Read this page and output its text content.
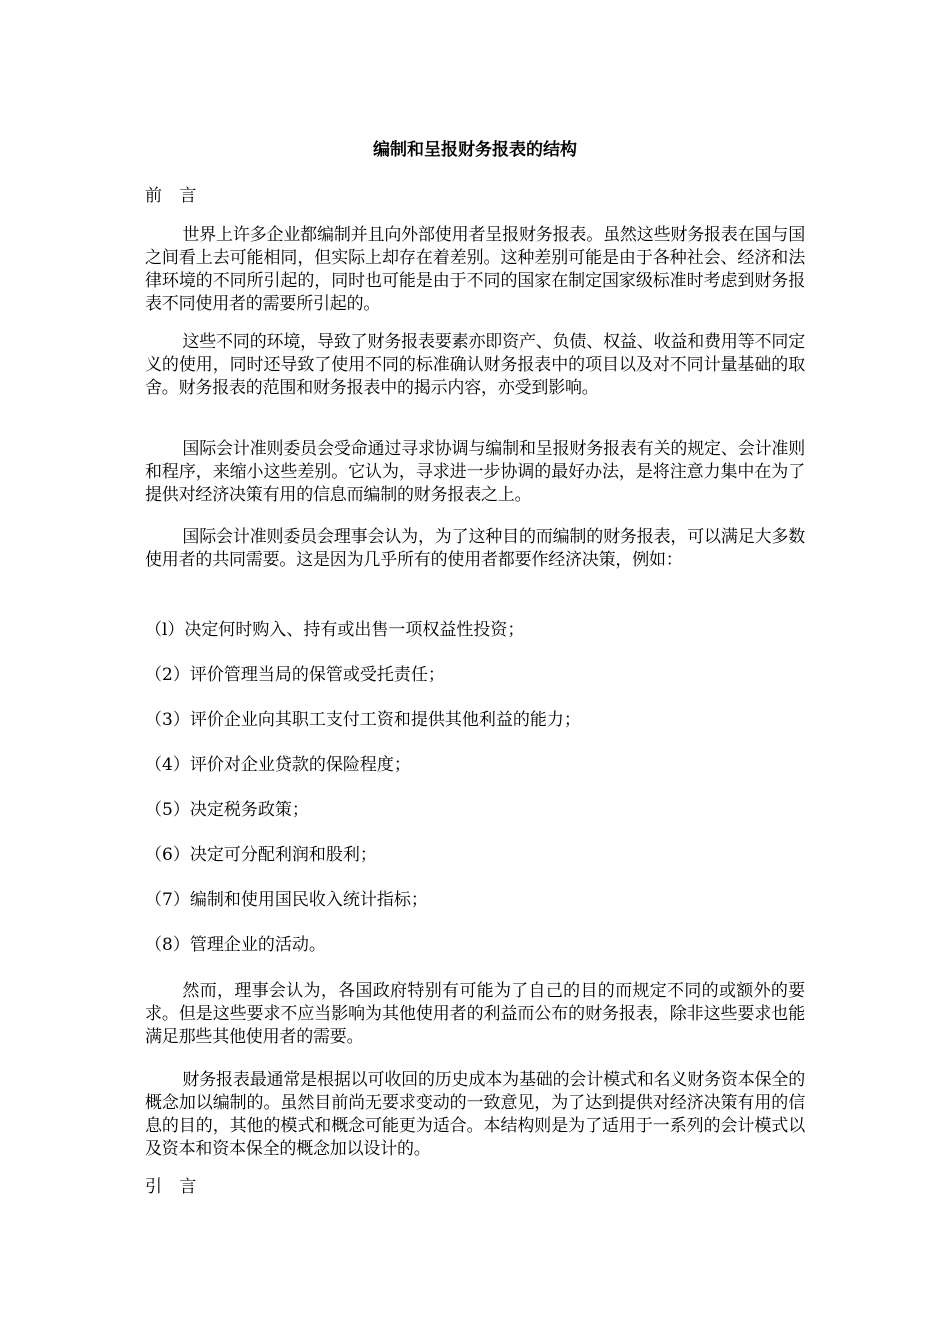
编制和呈报财务报表的结构

前 言

世界上许多企业都编制并且向外部使用者呈报财务报表。虽然这些财务报表在国与国之间看上去可能相同，但实际上却存在着差别。这种差别可能是由于各种社会、经济和法律环境的不同所引起的，同时也可能是由于不同的国家在制定国家级标准时考虑到财务报表不同使用者的需要所引起的。

这些不同的环境，导致了财务报表要素亦即资产、负债、权益、收益和费用等不同定义的使用，同时还导致了使用不同的标准确认财务报表中的项目以及对不同计量基础的取舍。财务报表的范围和财务报表中的揭示内容，亦受到影响。

国际会计准则委员会受命通过寻求协调与编制和呈报财务报表有关的规定、会计准则和程序，来缩小这些差别。它认为，寻求进一步协调的最好办法，是将注意力集中在为了提供对经济决策有用的信息而编制的财务报表之上。

国际会计准则委员会理事会认为，为了这种目的而编制的财务报表，可以满足大多数使用者的共同需要。这是因为几乎所有的使用者都要作经济决策，例如：

（l）决定何时购入、持有或出售一项权益性投资；

（2）评价管理当局的保管或受托责任；

（3）评价企业向其职工支付工资和提供其他利益的能力；

（4）评价对企业贷款的保险程度；

（5）决定税务政策；

（6）决定可分配利润和股利；

（7）编制和使用国民收入统计指标；

（8）管理企业的活动。

然而，理事会认为，各国政府特别有可能为了自己的目的而规定不同的或额外的要求。但是这些要求不应当影响为其他使用者的利益而公布的财务报表，除非这些要求也能满足那些其他使用者的需要。

财务报表最通常是根据以可收回的历史成本为基础的会计模式和名义财务资本保全的概念加以编制的。虽然目前尚无要求变动的一致意见，为了达到提供对经济决策有用的信息的目的，其他的模式和概念可能更为适合。本结构则是为了适用于一系列的会计模式以及资本和资本保全的概念加以设计的。

引 言
